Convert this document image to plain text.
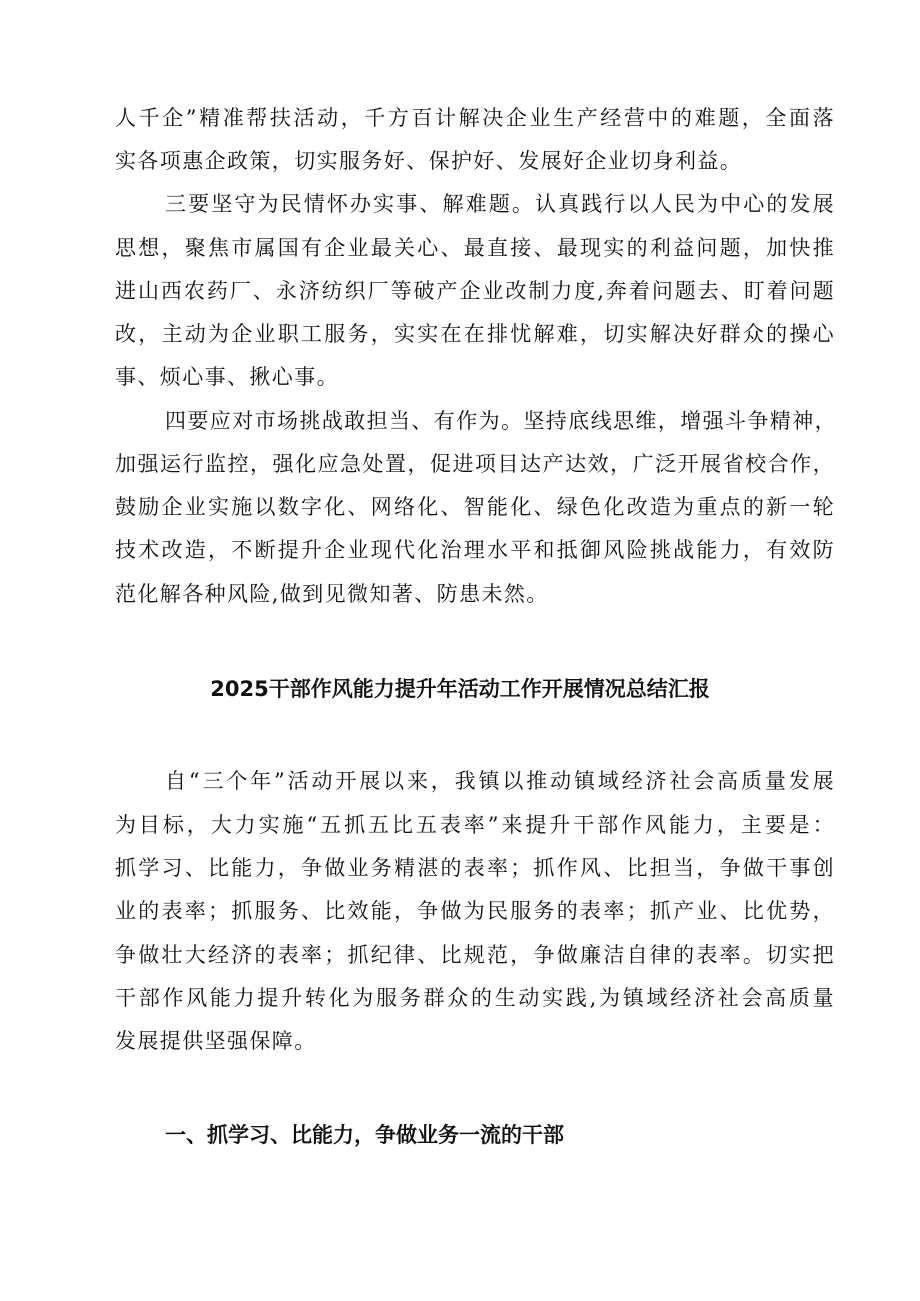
人千企”精准帮扶活动，千方百计解决企业生产经营中的难题，全面落

实各项惠企政策，切实服务好、保护好、发展好企业切身利益。

三要坚守为民情怀办实事、解难题。认真践行以人民为中心的发展

思想，聚焦市属国有企业最关心、最直接、最现实的利益问题，加快推

进山西农药厂、永济纺织厂等破产企业改制力度,奔着问题去、盯着问题

改，主动为企业职工服务，实实在在排忧解难，切实解决好群众的操心

事、烦心事、揪心事。

四要应对市场挑战敢担当、有作为。坚持底线思维，增强斗争精神，

加强运行监控，强化应急处置，促进项目达产达效，广泛开展省校合作，

鼓励企业实施以数字化、网络化、智能化、绿色化改造为重点的新一轮

技术改造，不断提升企业现代化治理水平和抵御风险挑战能力，有效防

范化解各种风险,做到见微知著、防患未然。

2025干部作风能力提升年活动工作开展情况总结汇报

自“三个年”活动开展以来，我镇以推动镇域经济社会高质量发展

为目标，大力实施“五抓五比五表率”来提升干部作风能力，主要是：

抓学习、比能力，争做业务精湛的表率；抓作风、比担当，争做干事创

业的表率；抓服务、比效能，争做为民服务的表率；抓产业、比优势，

争做壮大经济的表率；抓纪律、比规范，争做廉洁自律的表率。切实把

干部作风能力提升转化为服务群众的生动实践,为镇域经济社会高质量

发展提供坚强保障。

一、抓学习、比能力，争做业务一流的干部
